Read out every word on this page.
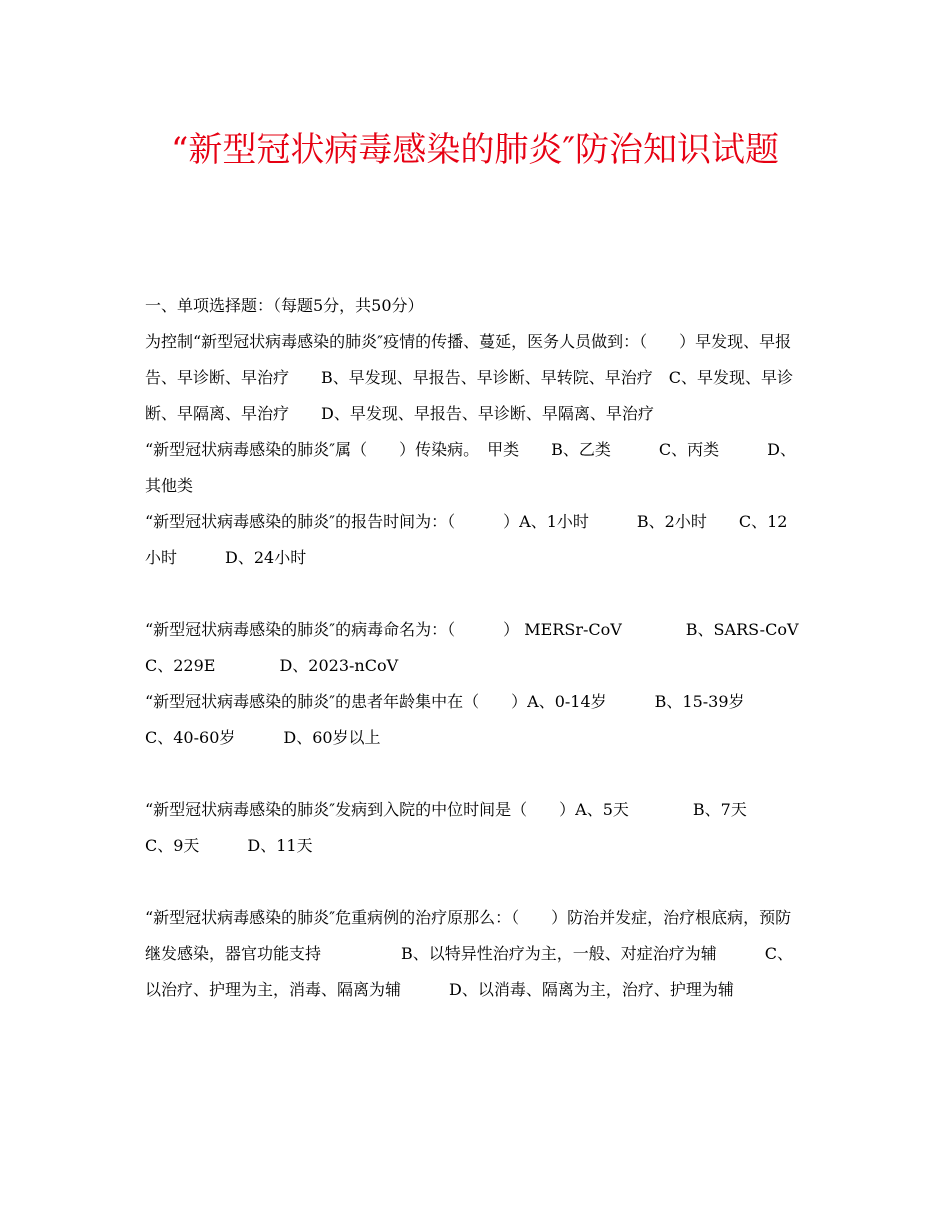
“新型冠状病毒感染的肺炎″防治知识试题

一、单项选择题：（每题5分，共50分）

为控制“新型冠状病毒感染的肺炎″疫情的传播、蔓延，医务人员做到：（　　）早发现、早报告、早诊断、早治疗　　B、早发现、早报告、早诊断、早转院、早治疗　C、早发现、早诊断、早隔离、早治疗　　D、早发现、早报告、早诊断、早隔离、早治疗

“新型冠状病毒感染的肺炎″属（　　）传染病。　甲类　　B、乙类　　　C、丙类　　　D、其他类

“新型冠状病毒感染的肺炎″的报告时间为：（　　　）A、1小时　　　B、2小时　　C、12小时　　　D、24小时

“新型冠状病毒感染的肺炎″的病毒命名为：（　　　） MERSr-CoV　　　　B、SARS-CoV　　　　C、229E　　　　D、2023-nCoV

“新型冠状病毒感染的肺炎″的患者年龄集中在（　　）A、0-14岁　　　B、15-39岁　　C、40-60岁　　　D、60岁以上

“新型冠状病毒感染的肺炎″发病到入院的中位时间是（　　）A、5天　　　　B、7天　　C、9天　　　D、11天

“新型冠状病毒感染的肺炎″危重病例的治疗原那么：（　　）防治并发症，治疗根底病，预防继发感染，器官功能支持　　　　　B、以特异性治疗为主，一般、对症治疗为辅　　　C、以治疗、护理为主，消毒、隔离为辅　　　D、以消毒、隔离为主，治疗、护理为辅
